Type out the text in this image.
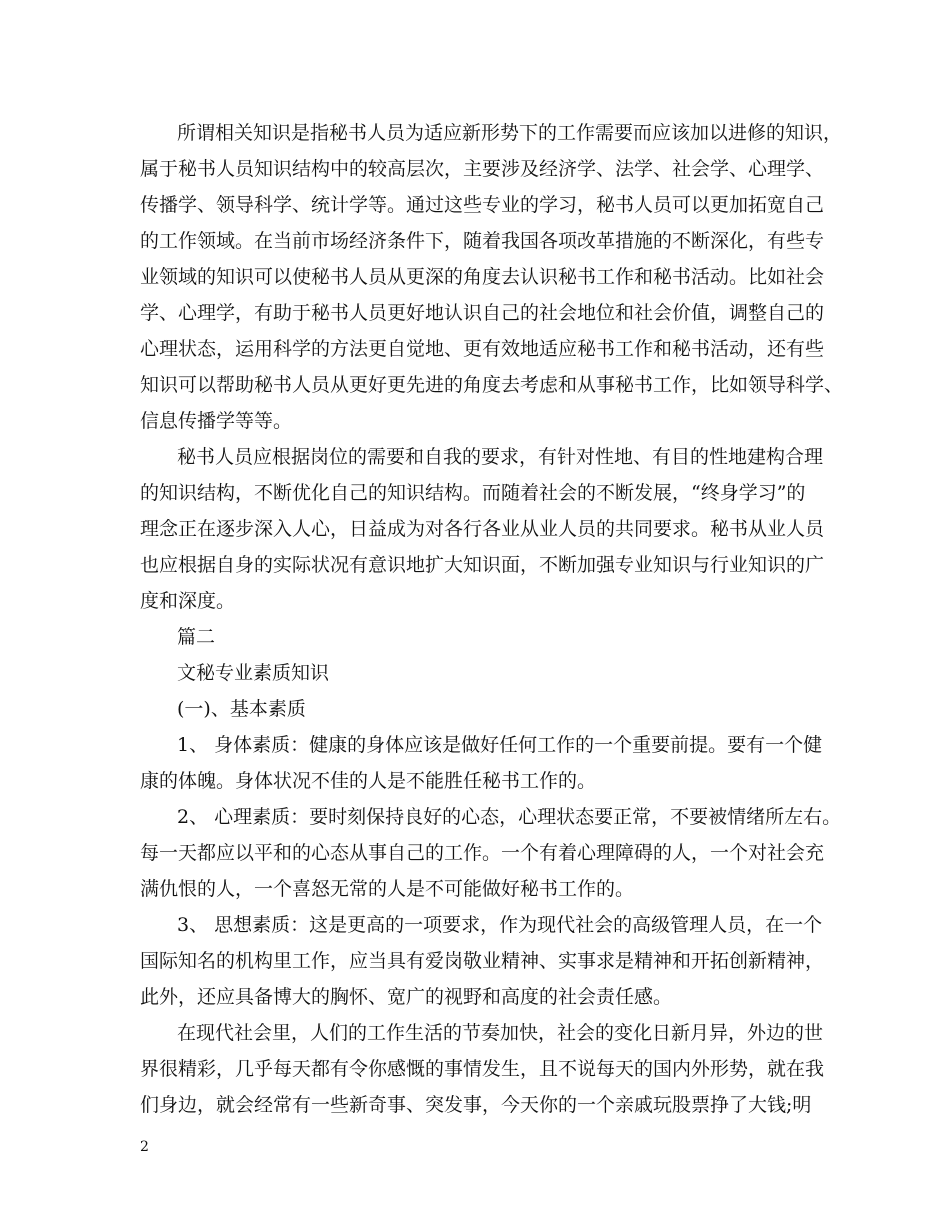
所谓相关知识是指秘书人员为适应新形势下的工作需要而应该加以进修的知识，
属于秘书人员知识结构中的较高层次，主要涉及经济学、法学、社会学、心理学、
传播学、领导科学、统计学等。通过这些专业的学习，秘书人员可以更加拓宽自己
的工作领域。在当前市场经济条件下，随着我国各项改革措施的不断深化，有些专
业领域的知识可以使秘书人员从更深的角度去认识秘书工作和秘书活动。比如社会
学、心理学，有助于秘书人员更好地认识自己的社会地位和社会价值，调整自己的
心理状态，运用科学的方法更自觉地、更有效地适应秘书工作和秘书活动，还有些
知识可以帮助秘书人员从更好更先进的角度去考虑和从事秘书工作，比如领导科学、
信息传播学等等。
秘书人员应根据岗位的需要和自我的要求，有针对性地、有目的性地建构合理
的知识结构，不断优化自己的知识结构。而随着社会的不断发展，“终身学习”的
理念正在逐步深入人心，日益成为对各行各业从业人员的共同要求。秘书从业人员
也应根据自身的实际状况有意识地扩大知识面，不断加强专业知识与行业知识的广
度和深度。
篇二
文秘专业素质知识
(一)、基本素质
1、 身体素质：健康的身体应该是做好任何工作的一个重要前提。要有一个健
康的体魄。身体状况不佳的人是不能胜任秘书工作的。
2、 心理素质：要时刻保持良好的心态，心理状态要正常，不要被情绪所左右。
每一天都应以平和的心态从事自己的工作。一个有着心理障碍的人，一个对社会充
满仇恨的人，一个喜怒无常的人是不可能做好秘书工作的。
3、 思想素质：这是更高的一项要求，作为现代社会的高级管理人员，在一个
国际知名的机构里工作，应当具有爱岗敬业精神、实事求是精神和开拓创新精神，
此外，还应具备博大的胸怀、宽广的视野和高度的社会责任感。
在现代社会里，人们的工作生活的节奏加快，社会的变化日新月异，外边的世
界很精彩，几乎每天都有令你感慨的事情发生，且不说每天的国内外形势，就在我
们身边，就会经常有一些新奇事、突发事，今天你的一个亲戚玩股票挣了大钱;明
2
